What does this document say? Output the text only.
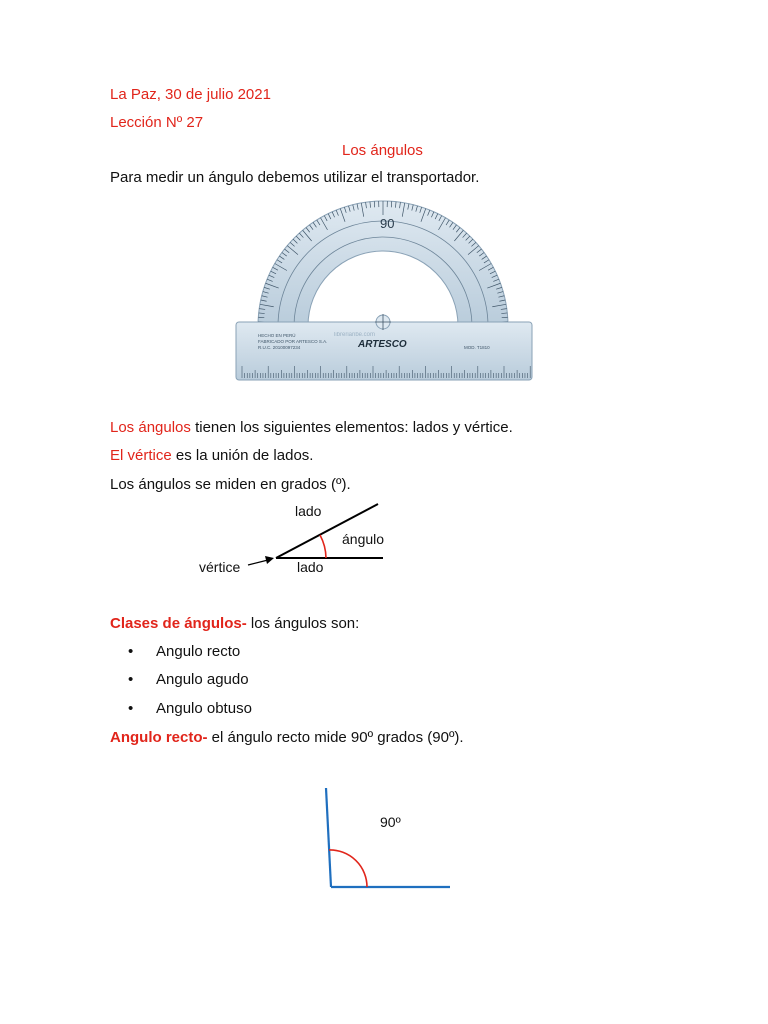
La Paz, 30 de julio 2021
Lección Nº 27
Los ángulos
Para medir un ángulo debemos utilizar el transportador.
90
HECHO EN PERÚ
FABRICADO POR ARTESCO S.A.
R.U.C. 20100097234	ARTESCO	MOD. T1810
libreriaribe.com
Los ángulos tienen los siguientes elementos: lados y vértice.
El vértice es la unión de lados.
Los ángulos se miden en grados (º).
lado
ángulo
vértice	lado
Clases de ángulos- los ángulos son:
• Angulo recto
• Angulo agudo
• Angulo obtuso
Angulo recto- el ángulo recto mide 90º grados (90º).
90º
